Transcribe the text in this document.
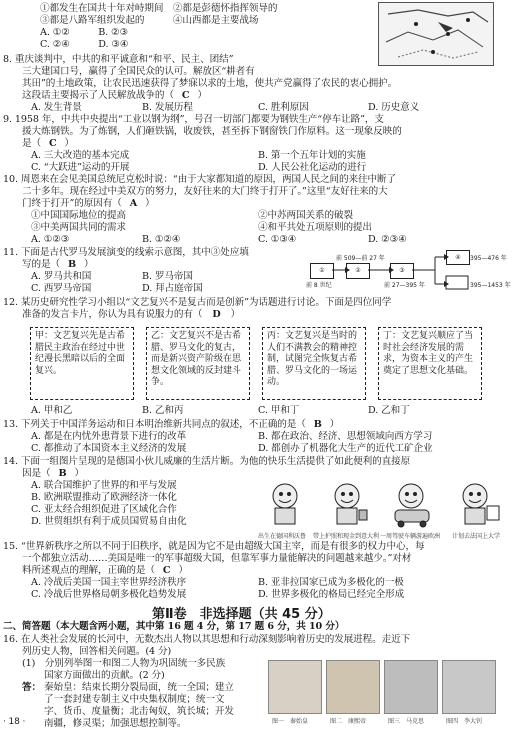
①都发生在国共十年对峙期间　②都是彭德怀指挥领导的
③都是八路军组织发起的　　　④山西都是主要战场
A. ①②　　　B. ②③
C. ②④　　　D. ③④
8. 重庆谈判中，中共的和平诚意和“和平、民主、团结”
三大建国口号，赢得了全国民众的认可。解放区“耕者有
其田”的土地政策，让农民迅速获得了梦寐以求的土地，使共产党赢得了农民的衷心拥护。
这段话主要揭示了人民解放战争的（ C ）
A. 发生背景	B. 发展历程	C. 胜利原因	D. 历史意义
9. 1958 年，中共中央提出“工业以钢为纲”，号召一切部门都要为钢铁生产“停车让路”，支
援大炼钢铁。为了炼钢，人们砸铁锅，收废铁，甚至拆下钢窗铁门作原料。这一现象反映的
是（ C ）
A. 三大改造的基本完成	B. 第一个五年计划的实施
C. “大跃进”运动的开展	D. 人民公社化运动的进行
10. 周恩来在会见美国总统尼克松时说：“由于大家都知道的原因，两国人民之间的来往中断了
二十多年。现在经过中美双方的努力，友好往来的大门终于打开了。”这里“友好往来的大
门终于打开”的原因有（ A ）
①中国国际地位的提高	②中苏两国关系的破裂
③中美两国共同的需求	④和平共处五项原则的提出
A. ①②③	B. ①②④	C. ①③④	D. ②③④
11. 下面是古代罗马发展演变的线索示意图，其中③处应填
写的是（ B ）
A. 罗马共和国	B. 罗马帝国
C. 西罗马帝国	D. 拜占庭帝国
①
前 8 世纪
②
前 509—前 27 年
③
前 27—395 年
④	395—476 年
395—1453 年
12. 某历史研究性学习小组以“文艺复兴不是复古而是创新”为话题进行讨论。下面是四位同学
准备的发言卡片，你认为具有说服力的有（ D ）
甲：文艺复兴先是古希腊民主政治在经过中世纪漫长黑暗以后的全面复兴。
乙：文艺复兴不是古希腊、罗马文化的复古，而是新兴资产阶级在思想文化领域的反封建斗争。
丙：文艺复兴是当时的人们不满教会的精神控制，试图完全恢复古希腊、罗马文化的一场运动。
丁：文艺复兴顺应了当时社会经济发展的需求，为资本主义的产生奠定了思想文化基础。
A. 甲和乙	B. 乙和丙	C. 甲和丁	D. 乙和丁
13. 下列关于中国洋务运动和日本明治维新共同点的叙述，不正确的是（ B ）
A. 都是在内忧外患背景下进行的改革	B. 都在政治、经济、思想领域向西方学习
C. 都推动了本国资本主义经济的发展	D. 都创办了机器化大生产的近代工矿企业
14. 下面一组图片呈现的是德国小伙儿威廉的生活片断。为他的快乐生活提供了如此便利的直接原
因是（ B ）
A. 联合国维护了世界的和平与发展
B. 欧洲联盟推动了欧洲经济一体化
C. 亚太经合组织促进了区域化合作
D. 世贸组织有利于成员国贸易自由化
出生在德国利沃鲁 带上护照和现金到意大利 一周驾驶车辆游遍欧洲 计划去法国上大学
15. “世界新秩序之所以不同于旧秩序，就是因为它不是由超级大国主宰，而是有很多的权力中心，每
一个都独立活动……美国是唯一的军事超级大国，但靠军事力量能解决的问题越来越少。”对材
料所述观点的理解，正确的是（ C ）
A. 冷战后美国一国主宰世界经济秩序	B. 亚非拉国家已成为多极化的一极
C. 冷战后世界格局朝多极化趋势发展	D. 世界多极化的格局已经完全形成
第Ⅱ卷　非选择题（共 45 分）
二、简答题（本大题含两小题，其中第 16 题 4 分，第 17 题 6 分，共 10 分）
16. 在人类社会发展的长河中，无数杰出人物以其思想和行动深刻影响着历史的发展进程。走近下
列历史人物，回答相关问题。(4 分)
(1)　分别列举图一和图二人物为巩固统一多民族
国家方面做出的贡献。(2 分)
答： 秦始皇：结束长期分裂局面，统一全国；建立
了一套封建专制主义中央集权制度；统一文
字、货币、度量衡；北击匈奴，筑长城；开发
南疆，修灵渠；加强思想控制等。	图一　秦始皇	图二　康熙帝	图三　马克思	图四　李大钊
· 18 ·
